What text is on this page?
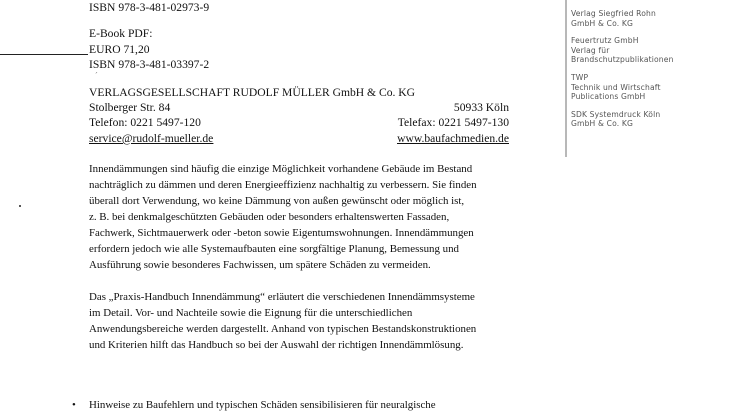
ISBN 978-3-481-02973-9
E-Book PDF:
EURO 71,20
ISBN 978-3-481-03397-2
´
VERLAGSGESELLSCHAFT RUDOLF MÜLLER GmbH & Co. KG
Stolberger Str. 84	50933 Köln
Telefon: 0221 5497-120	Telefax: 0221 5497-130
service@rudolf-mueller.de	www.baufachmedien.de
Innendämmungen sind häufig die einzige Möglichkeit vorhandene Gebäude im Bestand
nachträglich zu dämmen und deren Energieeffizienz nachhaltig zu verbessern. Sie finden
überall dort Verwendung, wo keine Dämmung von außen gewünscht oder möglich ist,
z. B. bei denkmalgeschützten Gebäuden oder besonders erhaltenswerten Fassaden,
Fachwerk, Sichtmauerwerk oder -beton sowie Eigentumswohnungen. Innendämmungen
erfordern jedoch wie alle Systemaufbauten eine sorgfältige Planung, Bemessung und
Ausführung sowie besonderes Fachwissen, um spätere Schäden zu vermeiden.
Das „Praxis-Handbuch Innendämmung“ erläutert die verschiedenen Innendämmsysteme
im Detail. Vor- und Nachteile sowie die Eignung für die unterschiedlichen
Anwendungsbereiche werden dargestellt. Anhand von typischen Bestandskonstruktionen
und Kriterien hilft das Handbuch so bei der Auswahl der richtigen Innendämmlösung.
• Hinweise zu Baufehlern und typischen Schäden sensibilisieren für neuralgische
Verlag Siegfried Rohn
GmbH & Co. KG
Feuertrutz GmbH
Verlag für
Brandschutzpublikationen
TWP
Technik und Wirtschaft
Publications GmbH
SDK Systemdruck Köln
GmbH & Co. KG
